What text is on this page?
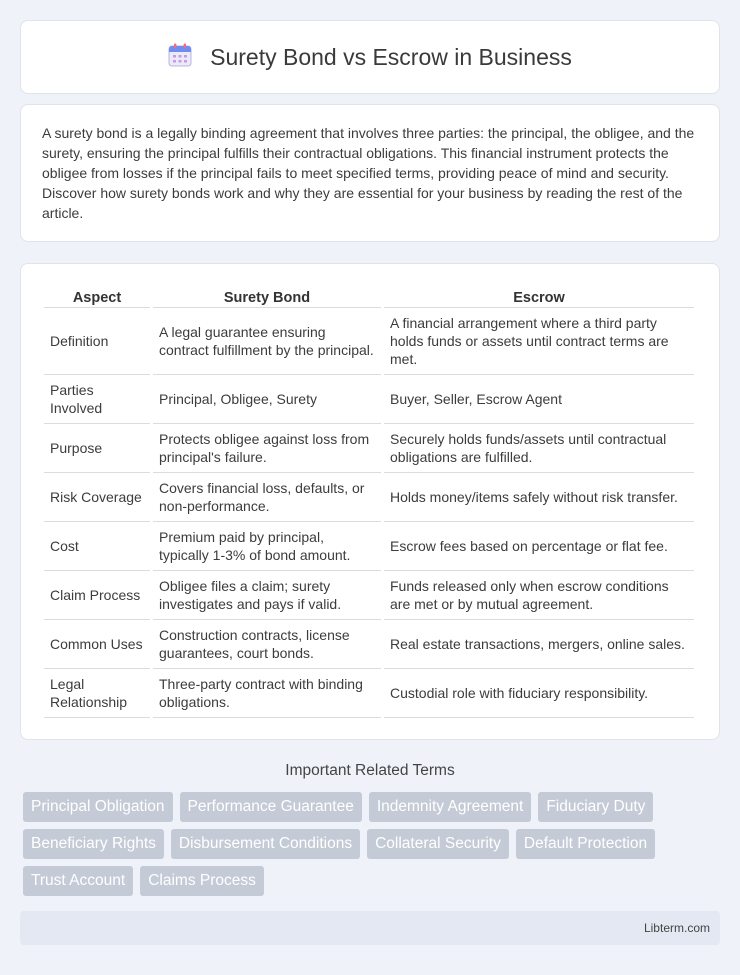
Surety Bond vs Escrow in Business

A surety bond is a legally binding agreement that involves three parties: the principal, the obligee, and the surety, ensuring the principal fulfills their contractual obligations. This financial instrument protects the obligee from losses if the principal fails to meet specified terms, providing peace of mind and security. Discover how surety bonds work and why they are essential for your business by reading the rest of the article.

Aspect	Surety Bond	Escrow
Definition	A legal guarantee ensuring contract fulfillment by the principal.	A financial arrangement where a third party holds funds or assets until contract terms are met.
Parties Involved	Principal, Obligee, Surety	Buyer, Seller, Escrow Agent
Purpose	Protects obligee against loss from principal's failure.	Securely holds funds/assets until contractual obligations are fulfilled.
Risk Coverage	Covers financial loss, defaults, or non-performance.	Holds money/items safely without risk transfer.
Cost	Premium paid by principal, typically 1-3% of bond amount.	Escrow fees based on percentage or flat fee.
Claim Process	Obligee files a claim; surety investigates and pays if valid.	Funds released only when escrow conditions are met or by mutual agreement.
Common Uses	Construction contracts, license guarantees, court bonds.	Real estate transactions, mergers, online sales.
Legal Relationship	Three-party contract with binding obligations.	Custodial role with fiduciary responsibility.
Important Related Terms
Principal Obligation	Performance Guarantee	Indemnity Agreement	Fiduciary Duty
Beneficiary Rights	Disbursement Conditions	Collateral Security	Default Protection
Trust Account	Claims Process
Libterm.com
